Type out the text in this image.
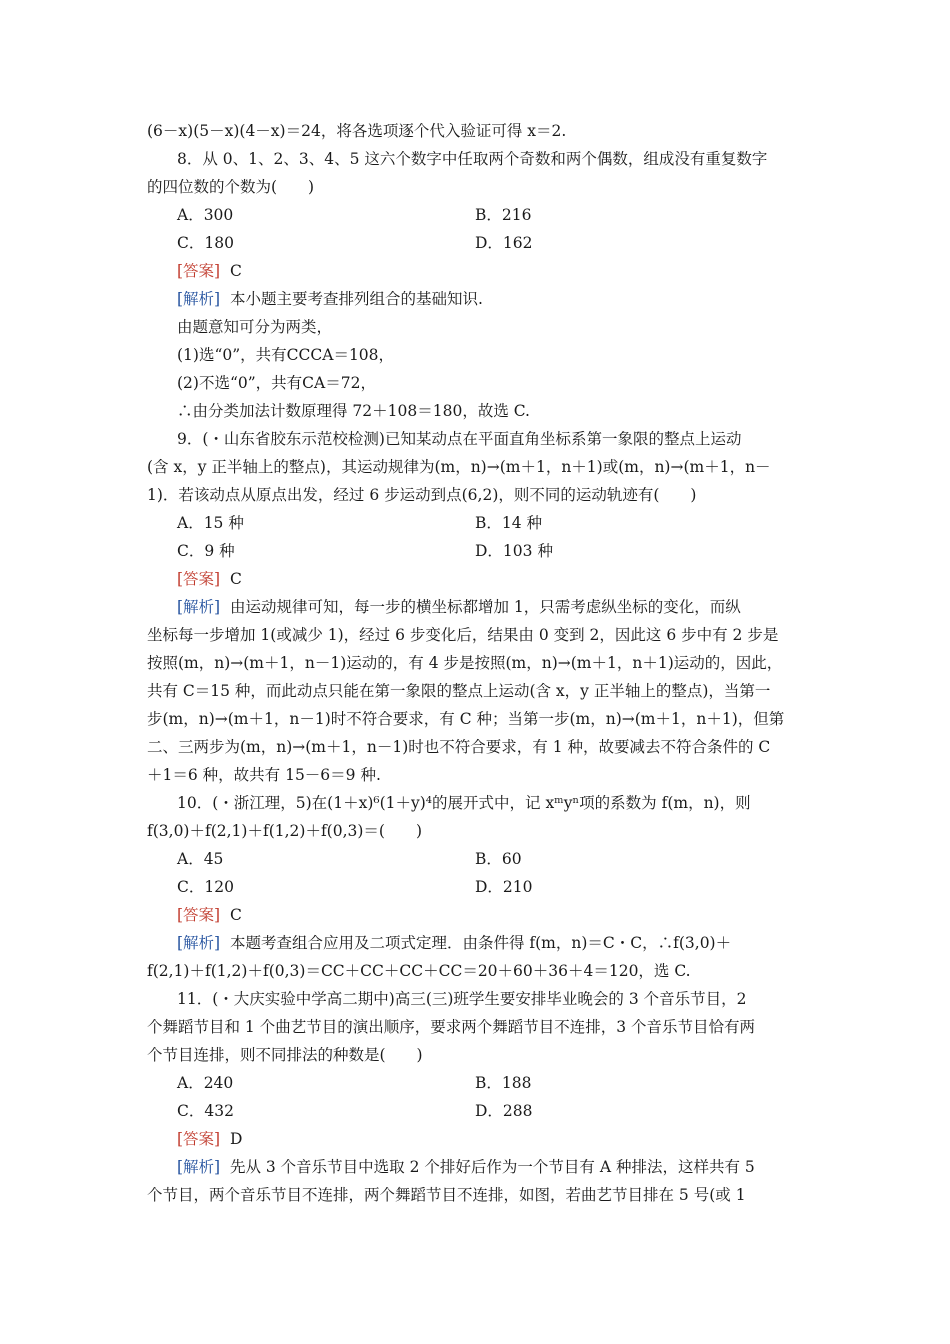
(6－x)(5－x)(4－x)＝24，将各选项逐个代入验证可得 x＝2.
8．从 0、1、2、3、4、5 这六个数字中任取两个奇数和两个偶数，组成没有重复数字
的四位数的个数为(　　)
A．300	B．216
C．180	D．162
[答案] C
[解析] 本小题主要考查排列组合的基础知识.
由题意知可分为两类，
(1)选“0”，共有CCCA＝108，
(2)不选“0”，共有CA＝72，
∴由分类加法计数原理得 72＋108＝180，故选 C.
9．(・山东省胶东示范校检测)已知某动点在平面直角坐标系第一象限的整点上运动
(含 x，y 正半轴上的整点)，其运动规律为(m，n)→(m＋1，n＋1)或(m，n)→(m＋1，n－
1)．若该动点从原点出发，经过 6 步运动到点(6,2)，则不同的运动轨迹有(　　)
A．15 种	B．14 种
C．9 种	D．103 种
[答案] C
[解析] 由运动规律可知，每一步的横坐标都增加 1，只需考虑纵坐标的变化，而纵
坐标每一步增加 1(或减少 1)，经过 6 步变化后，结果由 0 变到 2，因此这 6 步中有 2 步是
按照(m，n)→(m＋1，n－1)运动的，有 4 步是按照(m，n)→(m＋1，n＋1)运动的，因此，
共有 C＝15 种，而此动点只能在第一象限的整点上运动(含 x，y 正半轴上的整点)，当第一
步(m，n)→(m＋1，n－1)时不符合要求，有 C 种；当第一步(m，n)→(m＋1，n＋1)，但第
二、三两步为(m，n)→(m＋1，n－1)时也不符合要求，有 1 种，故要减去不符合条件的 C
＋1＝6 种，故共有 15－6＝9 种.
10．(・浙江理，5)在(1＋x)⁶(1＋y)⁴的展开式中，记 xᵐyⁿ项的系数为 f(m，n)，则
f(3,0)＋f(2,1)＋f(1,2)＋f(0,3)＝(　　)
A．45	B．60
C．120	D．210
[答案] C
[解析] 本题考查组合应用及二项式定理．由条件得 f(m，n)＝C・C，∴f(3,0)＋
f(2,1)＋f(1,2)＋f(0,3)＝CC＋CC＋CC＋CC＝20＋60＋36＋4＝120，选 C.
11．(・大庆实验中学高二期中)高三(三)班学生要安排毕业晚会的 3 个音乐节目，2
个舞蹈节目和 1 个曲艺节目的演出顺序，要求两个舞蹈节目不连排，3 个音乐节目恰有两
个节目连排，则不同排法的种数是(　　)
A．240	B．188
C．432	D．288
[答案] D
[解析] 先从 3 个音乐节目中选取 2 个排好后作为一个节目有 A 种排法，这样共有 5
个节目，两个音乐节目不连排，两个舞蹈节目不连排，如图，若曲艺节目排在 5 号(或 1
